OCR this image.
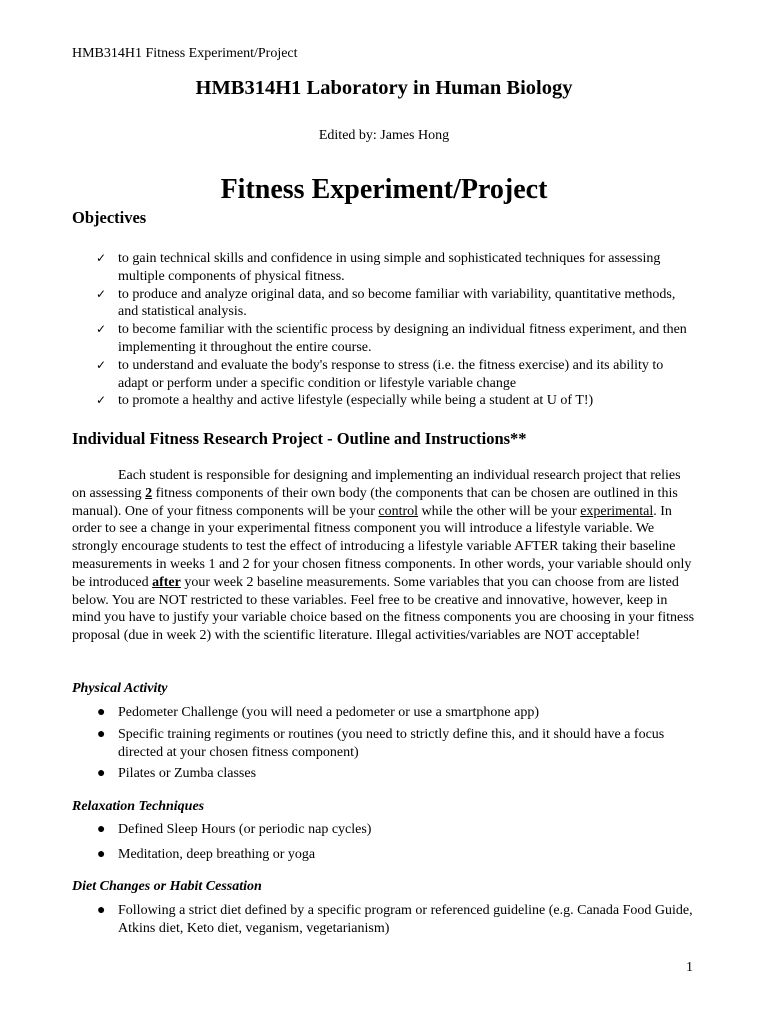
HMB314H1 Fitness Experiment/Project
HMB314H1 Laboratory in Human Biology
Edited by: James Hong
Fitness Experiment/Project
Objectives
✓ to gain technical skills and confidence in using simple and sophisticated techniques for assessing multiple components of physical fitness.
✓ to produce and analyze original data, and so become familiar with variability, quantitative methods, and statistical analysis.
✓ to become familiar with the scientific process by designing an individual fitness experiment, and then implementing it throughout the entire course.
✓ to understand and evaluate the body's response to stress (i.e. the fitness exercise) and its ability to adapt or perform under a specific condition or lifestyle variable change
✓ to promote a healthy and active lifestyle (especially while being a student at U of T!)
Individual Fitness Research Project - Outline and Instructions**

Each student is responsible for designing and implementing an individual research project that relies on assessing 2 fitness components of their own body (the components that can be chosen are outlined in this manual). One of your fitness components will be your control while the other will be your experimental. In order to see a change in your experimental fitness component you will introduce a lifestyle variable. We strongly encourage students to test the effect of introducing a lifestyle variable AFTER taking their baseline measurements in weeks 1 and 2 for your chosen fitness components. In other words, your variable should only be introduced after your week 2 baseline measurements. Some variables that you can choose from are listed below. You are NOT restricted to these variables. Feel free to be creative and innovative, however, keep in mind you have to justify your variable choice based on the fitness components you are choosing in your fitness proposal (due in week 2) with the scientific literature. Illegal activities/variables are NOT acceptable!

Physical Activity
● Pedometer Challenge (you will need a pedometer or use a smartphone app)
● Specific training regiments or routines (you need to strictly define this, and it should have a focus directed at your chosen fitness component)
● Pilates or Zumba classes
Relaxation Techniques
● Defined Sleep Hours (or periodic nap cycles)
● Meditation, deep breathing or yoga
Diet Changes or Habit Cessation
● Following a strict diet defined by a specific program or referenced guideline (e.g. Canada Food Guide, Atkins diet, Keto diet, veganism, vegetarianism)
1
